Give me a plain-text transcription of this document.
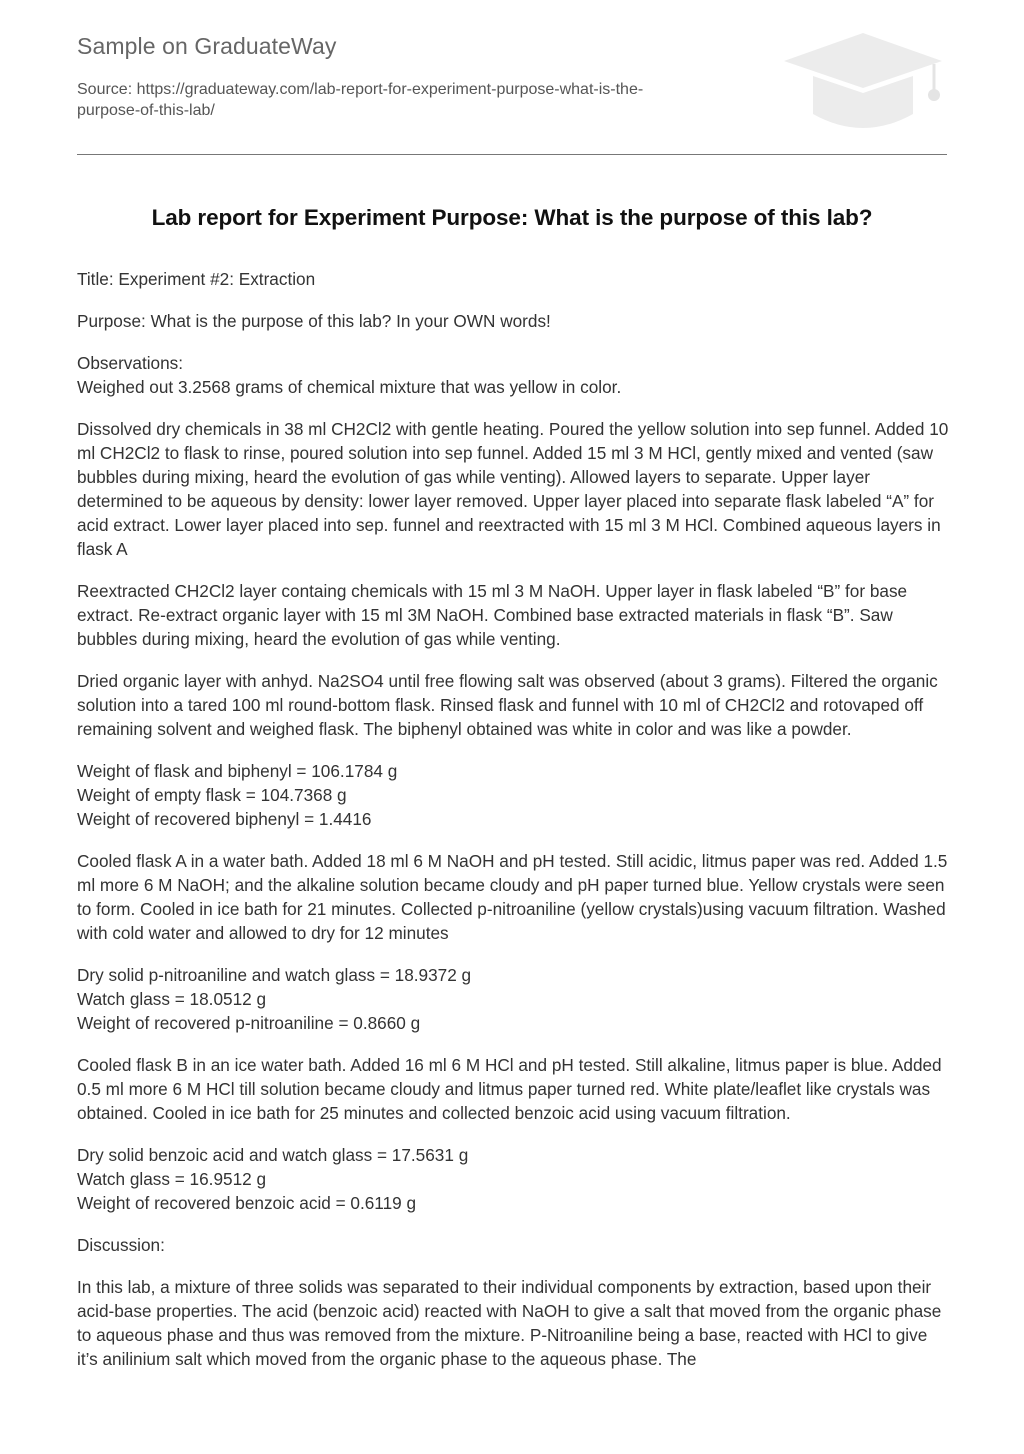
Sample on GraduateWay
Source: https://graduateway.com/lab-report-for-experiment-purpose-what-is-the-
purpose-of-this-lab/
Lab report for Experiment Purpose: What is the purpose of this lab?

Title: Experiment #2: Extraction

Purpose: What is the purpose of this lab? In your OWN words!

Observations:
Weighed out 3.2568 grams of chemical mixture that was yellow in color.

Dissolved dry chemicals in 38 ml CH2Cl2 with gentle heating. Poured the yellow solution into sep funnel. Added 10 ml CH2Cl2 to flask to rinse, poured solution into sep funnel. Added 15 ml 3 M HCl, gently mixed and vented (saw bubbles during mixing, heard the evolution of gas while venting). Allowed layers to separate. Upper layer determined to be aqueous by density: lower layer removed. Upper layer placed into separate flask labeled “A” for acid extract. Lower layer placed into sep. funnel and reextracted with 15 ml 3 M HCl. Combined aqueous layers in flask A

Reextracted CH2Cl2 layer containg chemicals with 15 ml 3 M NaOH. Upper layer in flask labeled “B” for base extract. Re-extract organic layer with 15 ml 3M NaOH. Combined base extracted materials in flask “B”. Saw bubbles during mixing, heard the evolution of gas while venting.

Dried organic layer with anhyd. Na2SO4 until free flowing salt was observed (about 3 grams). Filtered the organic solution into a tared 100 ml round-bottom flask. Rinsed flask and funnel with 10 ml of CH2Cl2 and rotovaped off remaining solvent and weighed flask. The biphenyl obtained was white in color and was like a powder.

Weight of flask and biphenyl = 106.1784 g
Weight of empty flask = 104.7368 g
Weight of recovered biphenyl = 1.4416

Cooled flask A in a water bath. Added 18 ml 6 M NaOH and pH tested. Still acidic, litmus paper was red. Added 1.5 ml more 6 M NaOH; and the alkaline solution became cloudy and pH paper turned blue. Yellow crystals were seen to form. Cooled in ice bath for 21 minutes. Collected p-nitroaniline (yellow crystals)using vacuum filtration. Washed with cold water and allowed to dry for 12 minutes

Dry solid p-nitroaniline and watch glass = 18.9372 g
Watch glass = 18.0512 g
Weight of recovered p-nitroaniline = 0.8660 g

Cooled flask B in an ice water bath. Added 16 ml 6 M HCl and pH tested. Still alkaline, litmus paper is blue. Added 0.5 ml more 6 M HCl till solution became cloudy and litmus paper turned red. White plate/leaflet like crystals was obtained. Cooled in ice bath for 25 minutes and collected benzoic acid using vacuum filtration.

Dry solid benzoic acid and watch glass = 17.5631 g
Watch glass = 16.9512 g
Weight of recovered benzoic acid = 0.6119 g

Discussion:

In this lab, a mixture of three solids was separated to their individual components by extraction, based upon their acid-base properties. The acid (benzoic acid) reacted with NaOH to give a salt that moved from the organic phase to aqueous phase and thus was removed from the mixture. P-Nitroaniline being a base, reacted with HCl to give it’s anilinium salt which moved from the organic phase to the aqueous phase. The
